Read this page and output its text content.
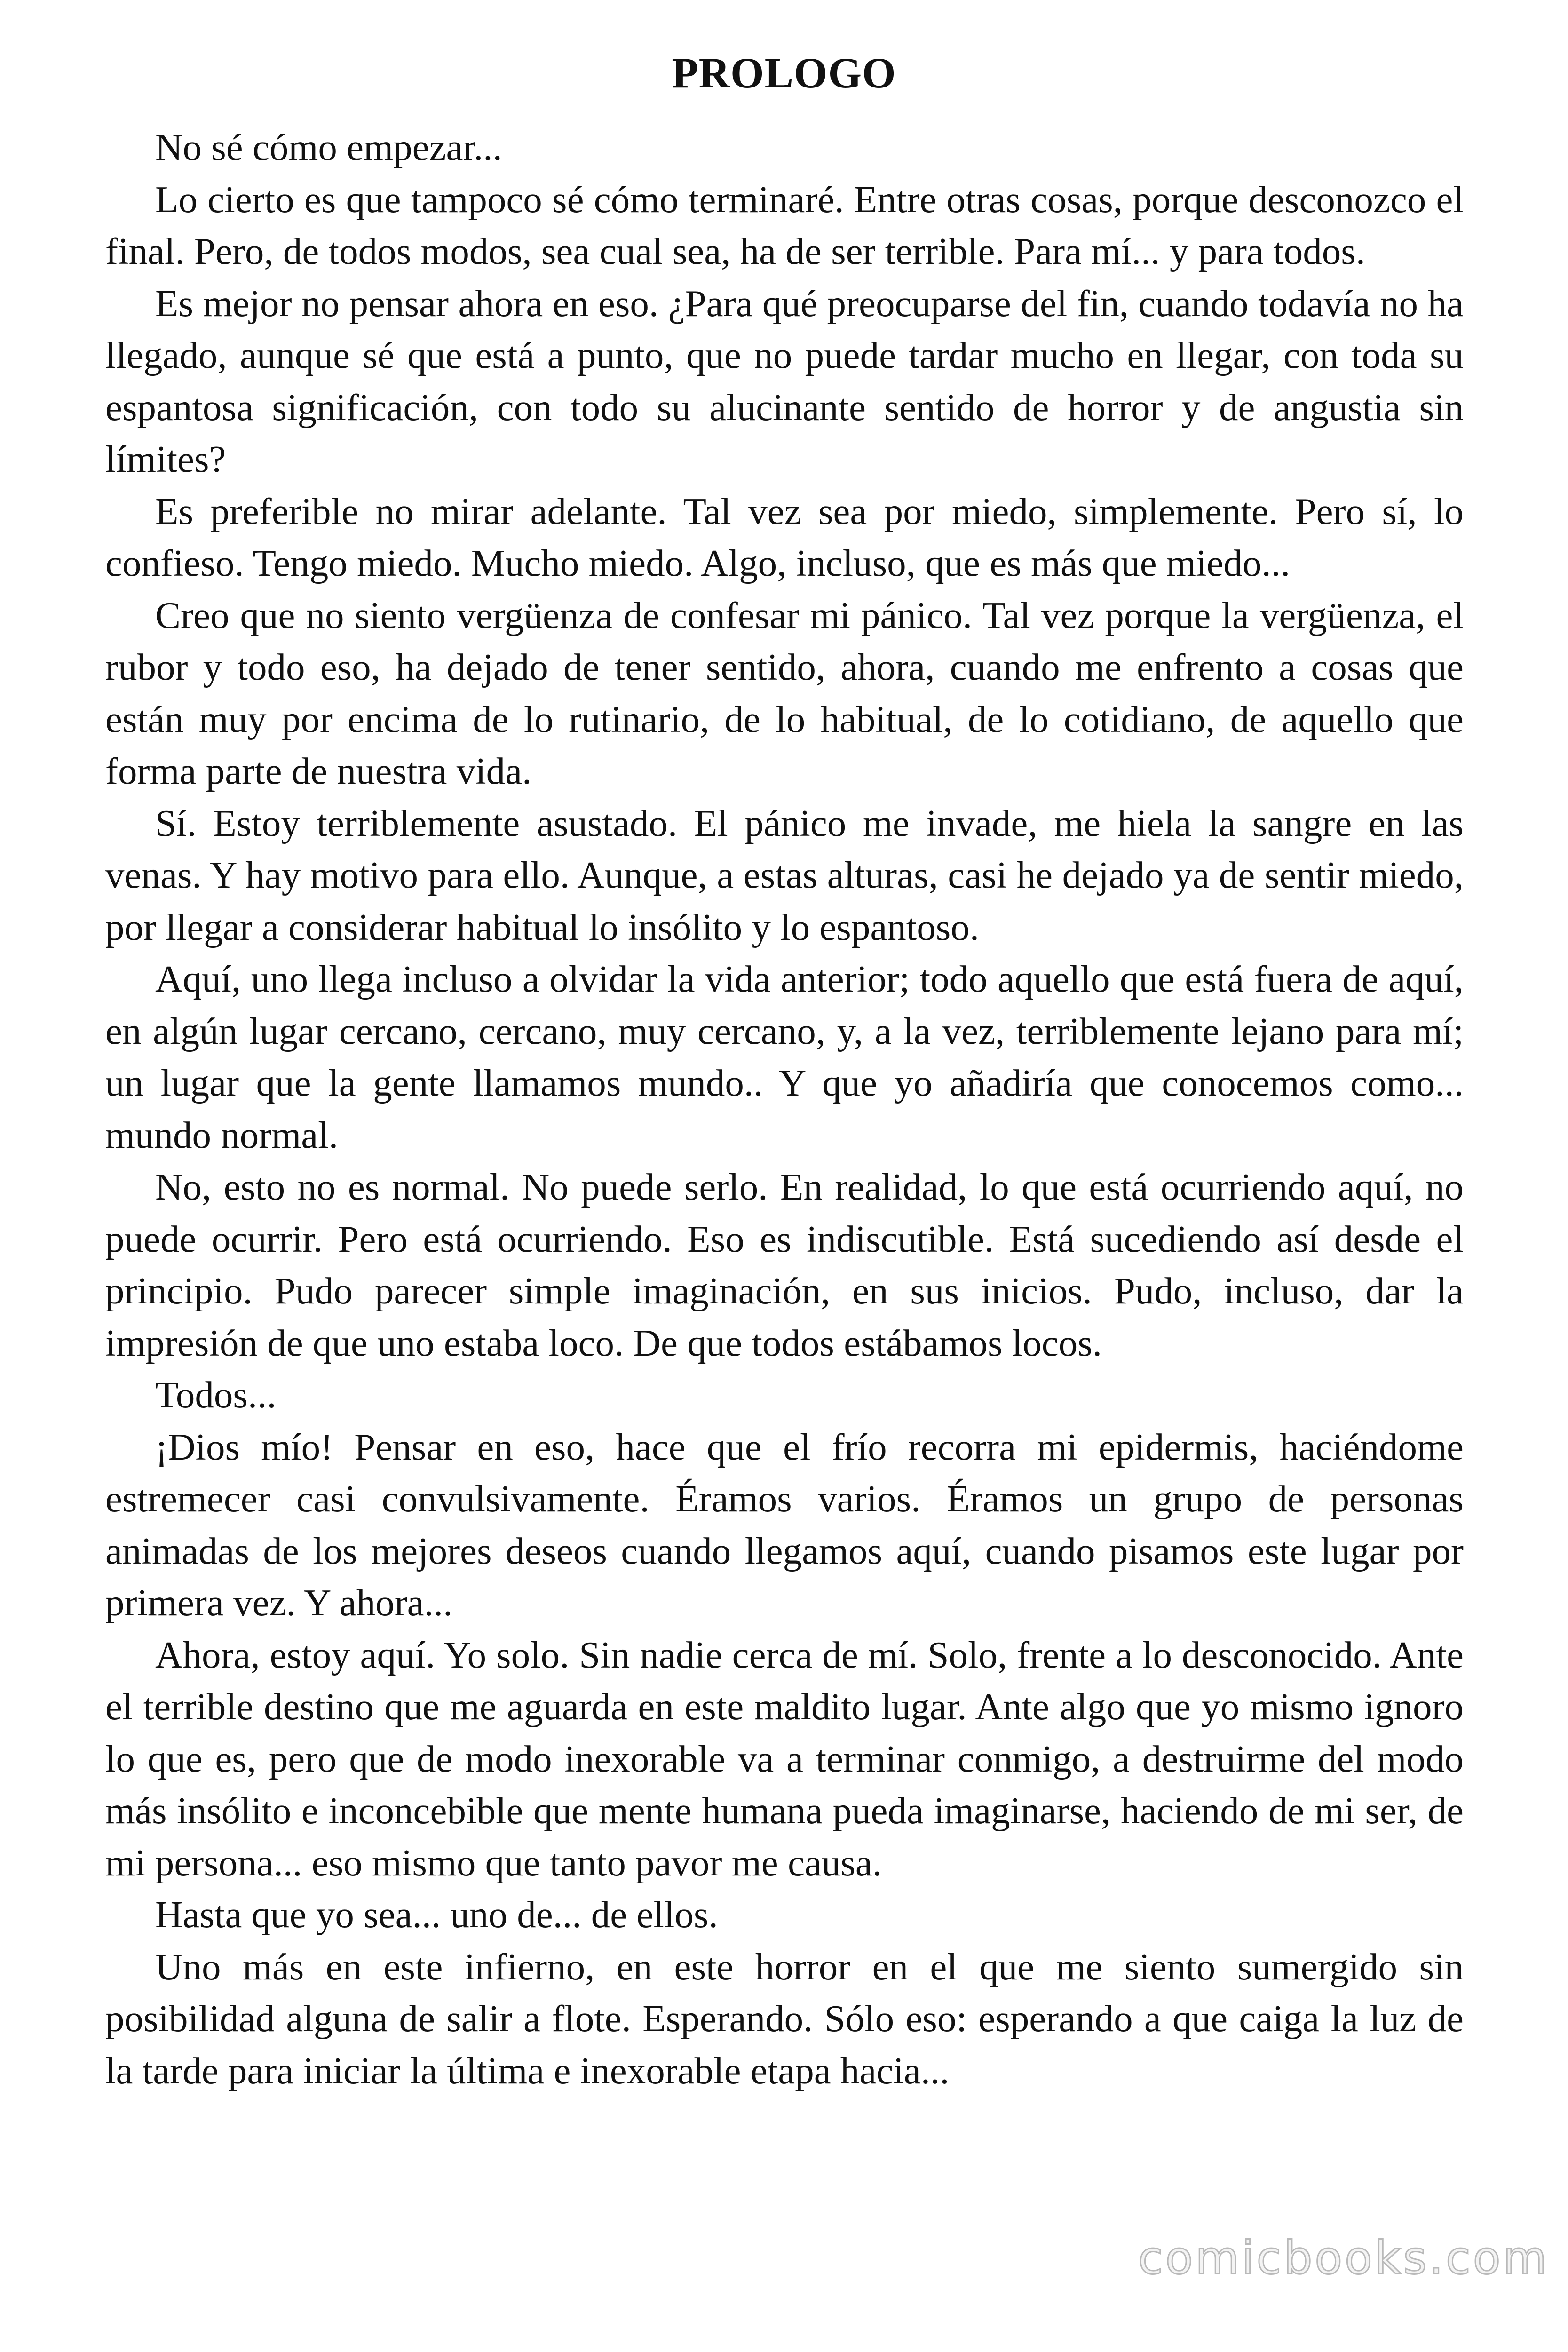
PROLOGO

No sé cómo empezar...

Lo cierto es que tampoco sé cómo terminaré. Entre otras cosas, porque desconozco el final. Pero, de todos modos, sea cual sea, ha de ser terrible. Para mí... y para todos.

Es mejor no pensar ahora en eso. ¿Para qué preocuparse del fin, cuando todavía no ha llegado, aunque sé que está a punto, que no puede tardar mucho en llegar, con toda su espantosa significación, con todo su alucinante sentido de horror y de angustia sin límites?

Es preferible no mirar adelante. Tal vez sea por miedo, simplemente. Pero sí, lo confieso. Tengo miedo. Mucho miedo. Algo, incluso, que es más que miedo...

Creo que no siento vergüenza de confesar mi pánico. Tal vez porque la vergüenza, el rubor y todo eso, ha dejado de tener sentido, ahora, cuando me enfrento a cosas que están muy por encima de lo rutinario, de lo habitual, de lo cotidiano, de aquello que forma parte de nuestra vida.

Sí. Estoy terriblemente asustado. El pánico me invade, me hiela la sangre en las venas. Y hay motivo para ello. Aunque, a estas alturas, casi he dejado ya de sentir miedo, por llegar a considerar habitual lo insólito y lo espantoso.

Aquí, uno llega incluso a olvidar la vida anterior; todo aquello que está fuera de aquí, en algún lugar cercano, cercano, muy cercano, y, a la vez, terriblemente lejano para mí; un lugar que la gente llamamos mundo.. Y que yo añadiría que conocemos como... mundo normal.

No, esto no es normal. No puede serlo. En realidad, lo que está ocurriendo aquí, no puede ocurrir. Pero está ocurriendo. Eso es indiscutible. Está sucediendo así desde el principio. Pudo parecer simple imaginación, en sus inicios. Pudo, incluso, dar la impresión de que uno estaba loco. De que todos estábamos locos.

Todos...

¡Dios mío! Pensar en eso, hace que el frío recorra mi epidermis, haciéndome estremecer casi convulsivamente. Éramos varios. Éramos un grupo de personas animadas de los mejores deseos cuando llegamos aquí, cuando pisamos este lugar por primera vez. Y ahora...

Ahora, estoy aquí. Yo solo. Sin nadie cerca de mí. Solo, frente a lo desconocido. Ante el terrible destino que me aguarda en este maldito lugar. Ante algo que yo mismo ignoro lo que es, pero que de modo inexorable va a terminar conmigo, a destruirme del modo más insólito e inconcebible que mente humana pueda imaginarse, haciendo de mi ser, de mi persona... eso mismo que tanto pavor me causa.

Hasta que yo sea... uno de... de ellos.

Uno más en este infierno, en este horror en el que me siento sumergido sin posibilidad alguna de salir a flote. Esperando. Sólo eso: esperando a que caiga la luz de la tarde para iniciar la última e inexorable etapa hacia...

comicbooks.com
